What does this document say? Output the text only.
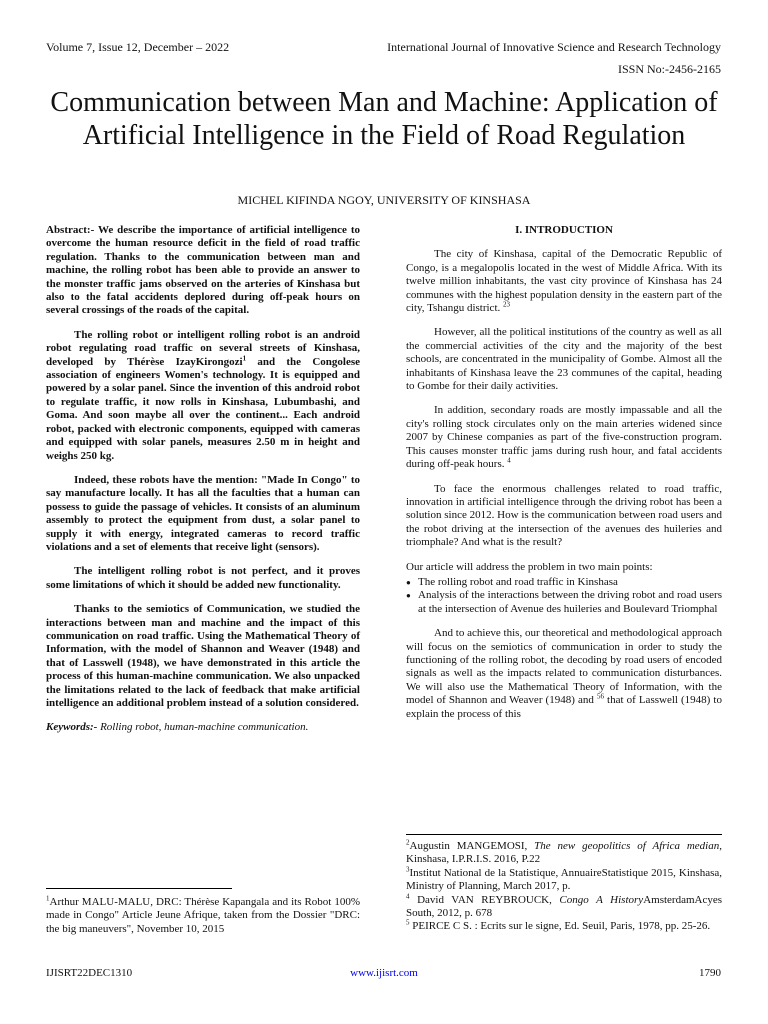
Volume 7, Issue 12, December – 2022	International Journal of Innovative Science and Research Technology
ISSN No:-2456-2165
Communication between Man and Machine: Application of Artificial Intelligence in the Field of Road Regulation
MICHEL KIFINDA NGOY, UNIVERSITY OF KINSHASA

Abstract:- We describe the importance of artificial intelligence to overcome the human resource deficit in the field of road traffic regulation. Thanks to the communication between man and machine, the rolling robot has been able to provide an answer to the monster traffic jams observed on the arteries of Kinshasa but also to the fatal accidents deplored during off-peak hours on several crossings of the roads of the capital.

The rolling robot or intelligent rolling robot is an android robot regulating road traffic on several streets of Kinshasa, developed by Thérèse IzayKirongozi$^1$ and the Congolese association of engineers Women's technology. It is equipped and powered by a solar panel. Since the invention of this android robot to regulate traffic, it now rolls in Kinshasa, Lubumbashi, and Goma. And soon maybe all over the continent... Each android robot, packed with electronic components, equipped with cameras and equipped with solar panels, measures 2.50 m in height and weighs 250 kg.

Indeed, these robots have the mention: "Made In Congo" to say manufacture locally. It has all the faculties that a human can possess to guide the passage of vehicles. It consists of an aluminum assembly to protect the equipment from dust, a solar panel to supply it with energy, integrated cameras to record traffic violations and a set of elements that receive light (sensors).

The intelligent rolling robot is not perfect, and it proves some limitations of which it should be added new functionality.

Thanks to the semiotics of Communication, we studied the interactions between man and machine and the impact of this communication on road traffic. Using the Mathematical Theory of Information, with the model of Shannon and Weaver (1948) and that of Lasswell (1948), we have demonstrated in this article the process of this human-machine communication. We also unpacked the limitations related to the lack of feedback that make artificial intelligence an additional problem instead of a solution considered.

Keywords:- Rolling robot, human-machine communication.

$^1$Arthur MALU-MALU, DRC: Thérèse Kapangala and its Robot 100% made in Congo" Article Jeune Afrique, taken from the Dossier "DRC: the big maneuvers", November 10, 2015

I. INTRODUCTION

The city of Kinshasa, capital of the Democratic Republic of Congo, is a megalopolis located in the west of Middle Africa. With its twelve million inhabitants, the vast city province of Kinshasa has 24 communes with the highest population density in the eastern part of the city, Tshangu district. $^{23}$

However, all the political institutions of the country as well as all the commercial activities of the city and the majority of the best schools, are concentrated in the municipality of Gombe. Almost all the inhabitants of Kinshasa leave the 23 communes of the capital, heading to Gombe for their daily activities.

In addition, secondary roads are mostly impassable and all the city's rolling stock circulates only on the main arteries widened since 2007 by Chinese companies as part of the five-construction program. This causes monster traffic jams during rush hour, and fatal accidents during off-peak hours. $^4$

To face the enormous challenges related to road traffic, innovation in artificial intelligence through the driving robot has been a solution since 2012. How is the communication between road users and the robot driving at the intersection of the avenues des huileries and triomphale? And what is the result?

Our article will address the problem in two main points:

● The rolling robot and road traffic in Kinshasa
● Analysis of the interactions between the driving robot and road users at the intersection of Avenue des huileries and Boulevard Triomphal

And to achieve this, our theoretical and methodological approach will focus on the semiotics of communication in order to study the functioning of the rolling robot, the decoding by road users of encoded signals as well as the impacts related to communication disturbances. We will also use the Mathematical Theory of Information, with the model of Shannon and Weaver (1948) and $^{56}$ that of Lasswell (1948) to explain the process of this

$^2$Augustin MANGEMOSI, The new geopolitics of Africa median, Kinshasa, I.P.R.I.S. 2016, P.22

$^3$Institut National de la Statistique, AnnuaireStatistique 2015, Kinshasa, Ministry of Planning, March 2017, p.

$^4$ David VAN REYBROUCK, Congo A HistoryAmsterdamAcyes South, 2012, p. 678

$^5$ PEIRCE C S. : Ecrits sur le signe, Ed. Seuil, Paris, 1978, pp. 25-26.

IJISRT22DEC1310	www.ijisrt.com	1790
